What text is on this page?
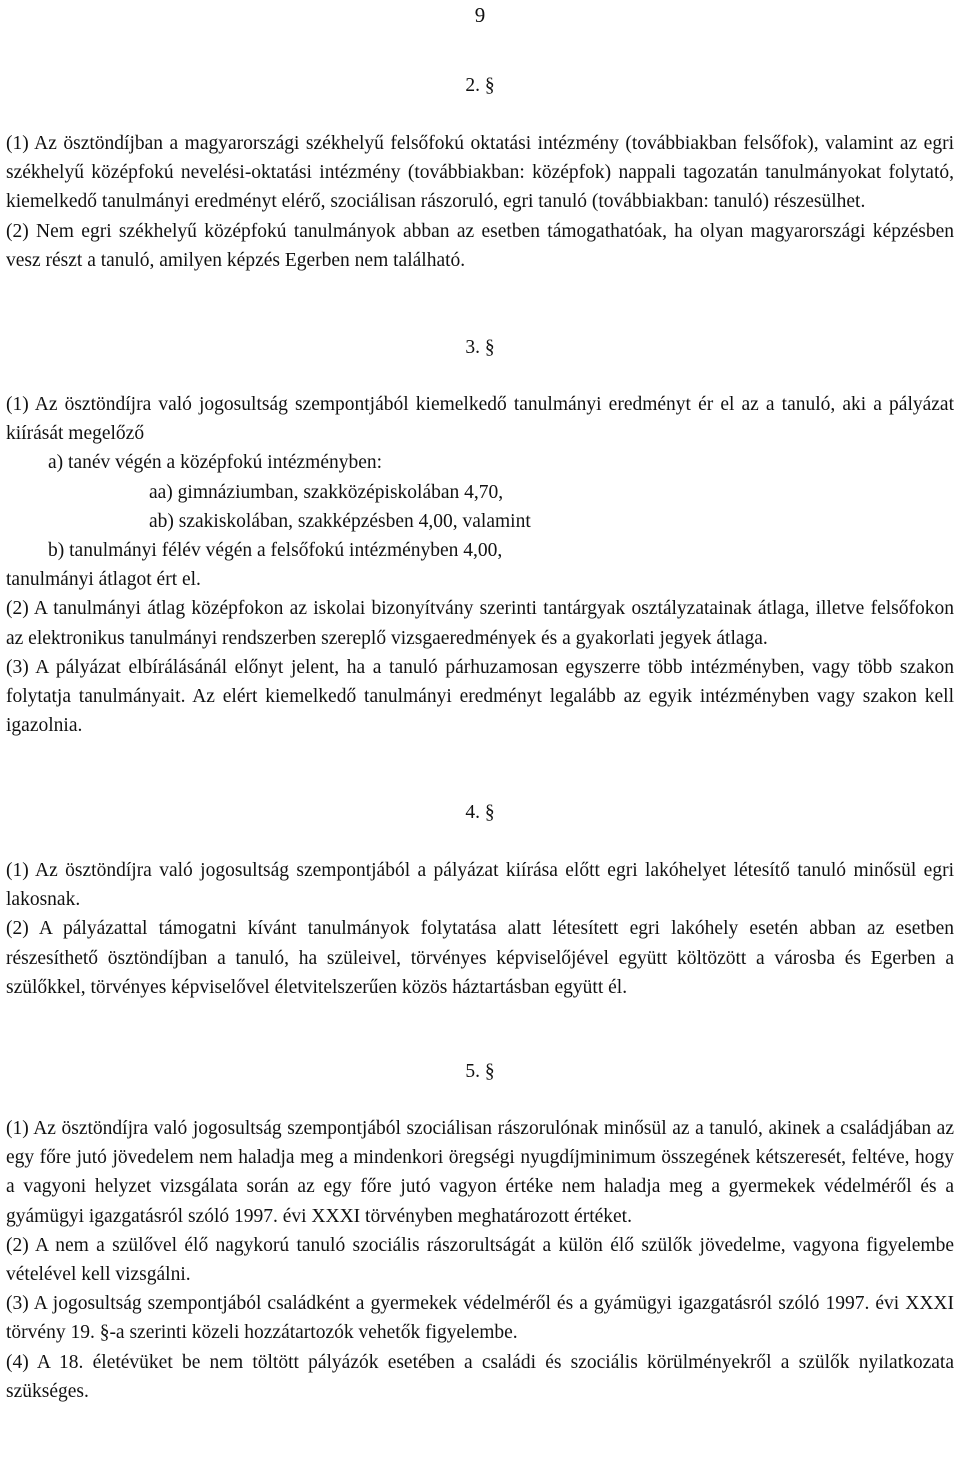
9
2. §

(1) Az ösztöndíjban a magyarországi székhelyű felsőfokú oktatási intézmény (továbbiakban felsőfok), valamint az egri székhelyű középfokú nevelési-oktatási intézmény (továbbiakban: középfok) nappali tagozatán tanulmányokat folytató, kiemelkedő tanulmányi eredményt elérő, szociálisan rászoruló, egri tanuló (továbbiakban: tanuló) részesülhet.

(2) Nem egri székhelyű középfokú tanulmányok abban az esetben támogathatóak, ha olyan magyarországi képzésben vesz részt a tanuló, amilyen képzés Egerben nem található.

3. §

(1) Az ösztöndíjra való jogosultság szempontjából kiemelkedő tanulmányi eredményt ér el az a tanuló, aki a pályázat kiírását megelőző

a) tanév végén a középfokú intézményben:

aa) gimnáziumban, szakközépiskolában 4,70,

ab) szakiskolában, szakképzésben 4,00, valamint

b) tanulmányi félév végén a felsőfokú intézményben 4,00,

tanulmányi átlagot ért el.

(2) A tanulmányi átlag középfokon az iskolai bizonyítvány szerinti tantárgyak osztályzatainak átlaga, illetve felsőfokon az elektronikus tanulmányi rendszerben szereplő vizsgaeredmények és a gyakorlati jegyek átlaga.

(3) A pályázat elbírálásánál előnyt jelent, ha a tanuló párhuzamosan egyszerre több intézményben, vagy több szakon folytatja tanulmányait. Az elért kiemelkedő tanulmányi eredményt legalább az egyik intézményben vagy szakon kell igazolnia.

4. §

(1) Az ösztöndíjra való jogosultság szempontjából a pályázat kiírása előtt egri lakóhelyet létesítő tanuló minősül egri lakosnak.

(2) A pályázattal támogatni kívánt tanulmányok folytatása alatt létesített egri lakóhely esetén abban az esetben részesíthető ösztöndíjban a tanuló, ha szüleivel, törvényes képviselőjével együtt költözött a városba és Egerben a szülőkkel, törvényes képviselővel életvitelszerűen közös háztartásban együtt él.

5. §

(1) Az ösztöndíjra való jogosultság szempontjából szociálisan rászorulónak minősül az a tanuló, akinek a családjában az egy főre jutó jövedelem nem haladja meg a mindenkori öregségi nyugdíjminimum összegének kétszeresét, feltéve, hogy a vagyoni helyzet vizsgálata során az egy főre jutó vagyon értéke nem haladja meg a gyermekek védelméről és a gyámügyi igazgatásról szóló 1997. évi XXXI törvényben meghatározott értéket.

(2) A nem a szülővel élő nagykorú tanuló szociális rászorultságát a külön élő szülők jövedelme, vagyona figyelembe vételével kell vizsgálni.

(3) A jogosultság szempontjából családként a gyermekek védelméről és a gyámügyi igazgatásról szóló 1997. évi XXXI törvény 19. §-a szerinti közeli hozzátartozók vehetők figyelembe.

(4) A 18. életévüket be nem töltött pályázók esetében a családi és szociális körülményekről a szülők nyilatkozata szükséges.
